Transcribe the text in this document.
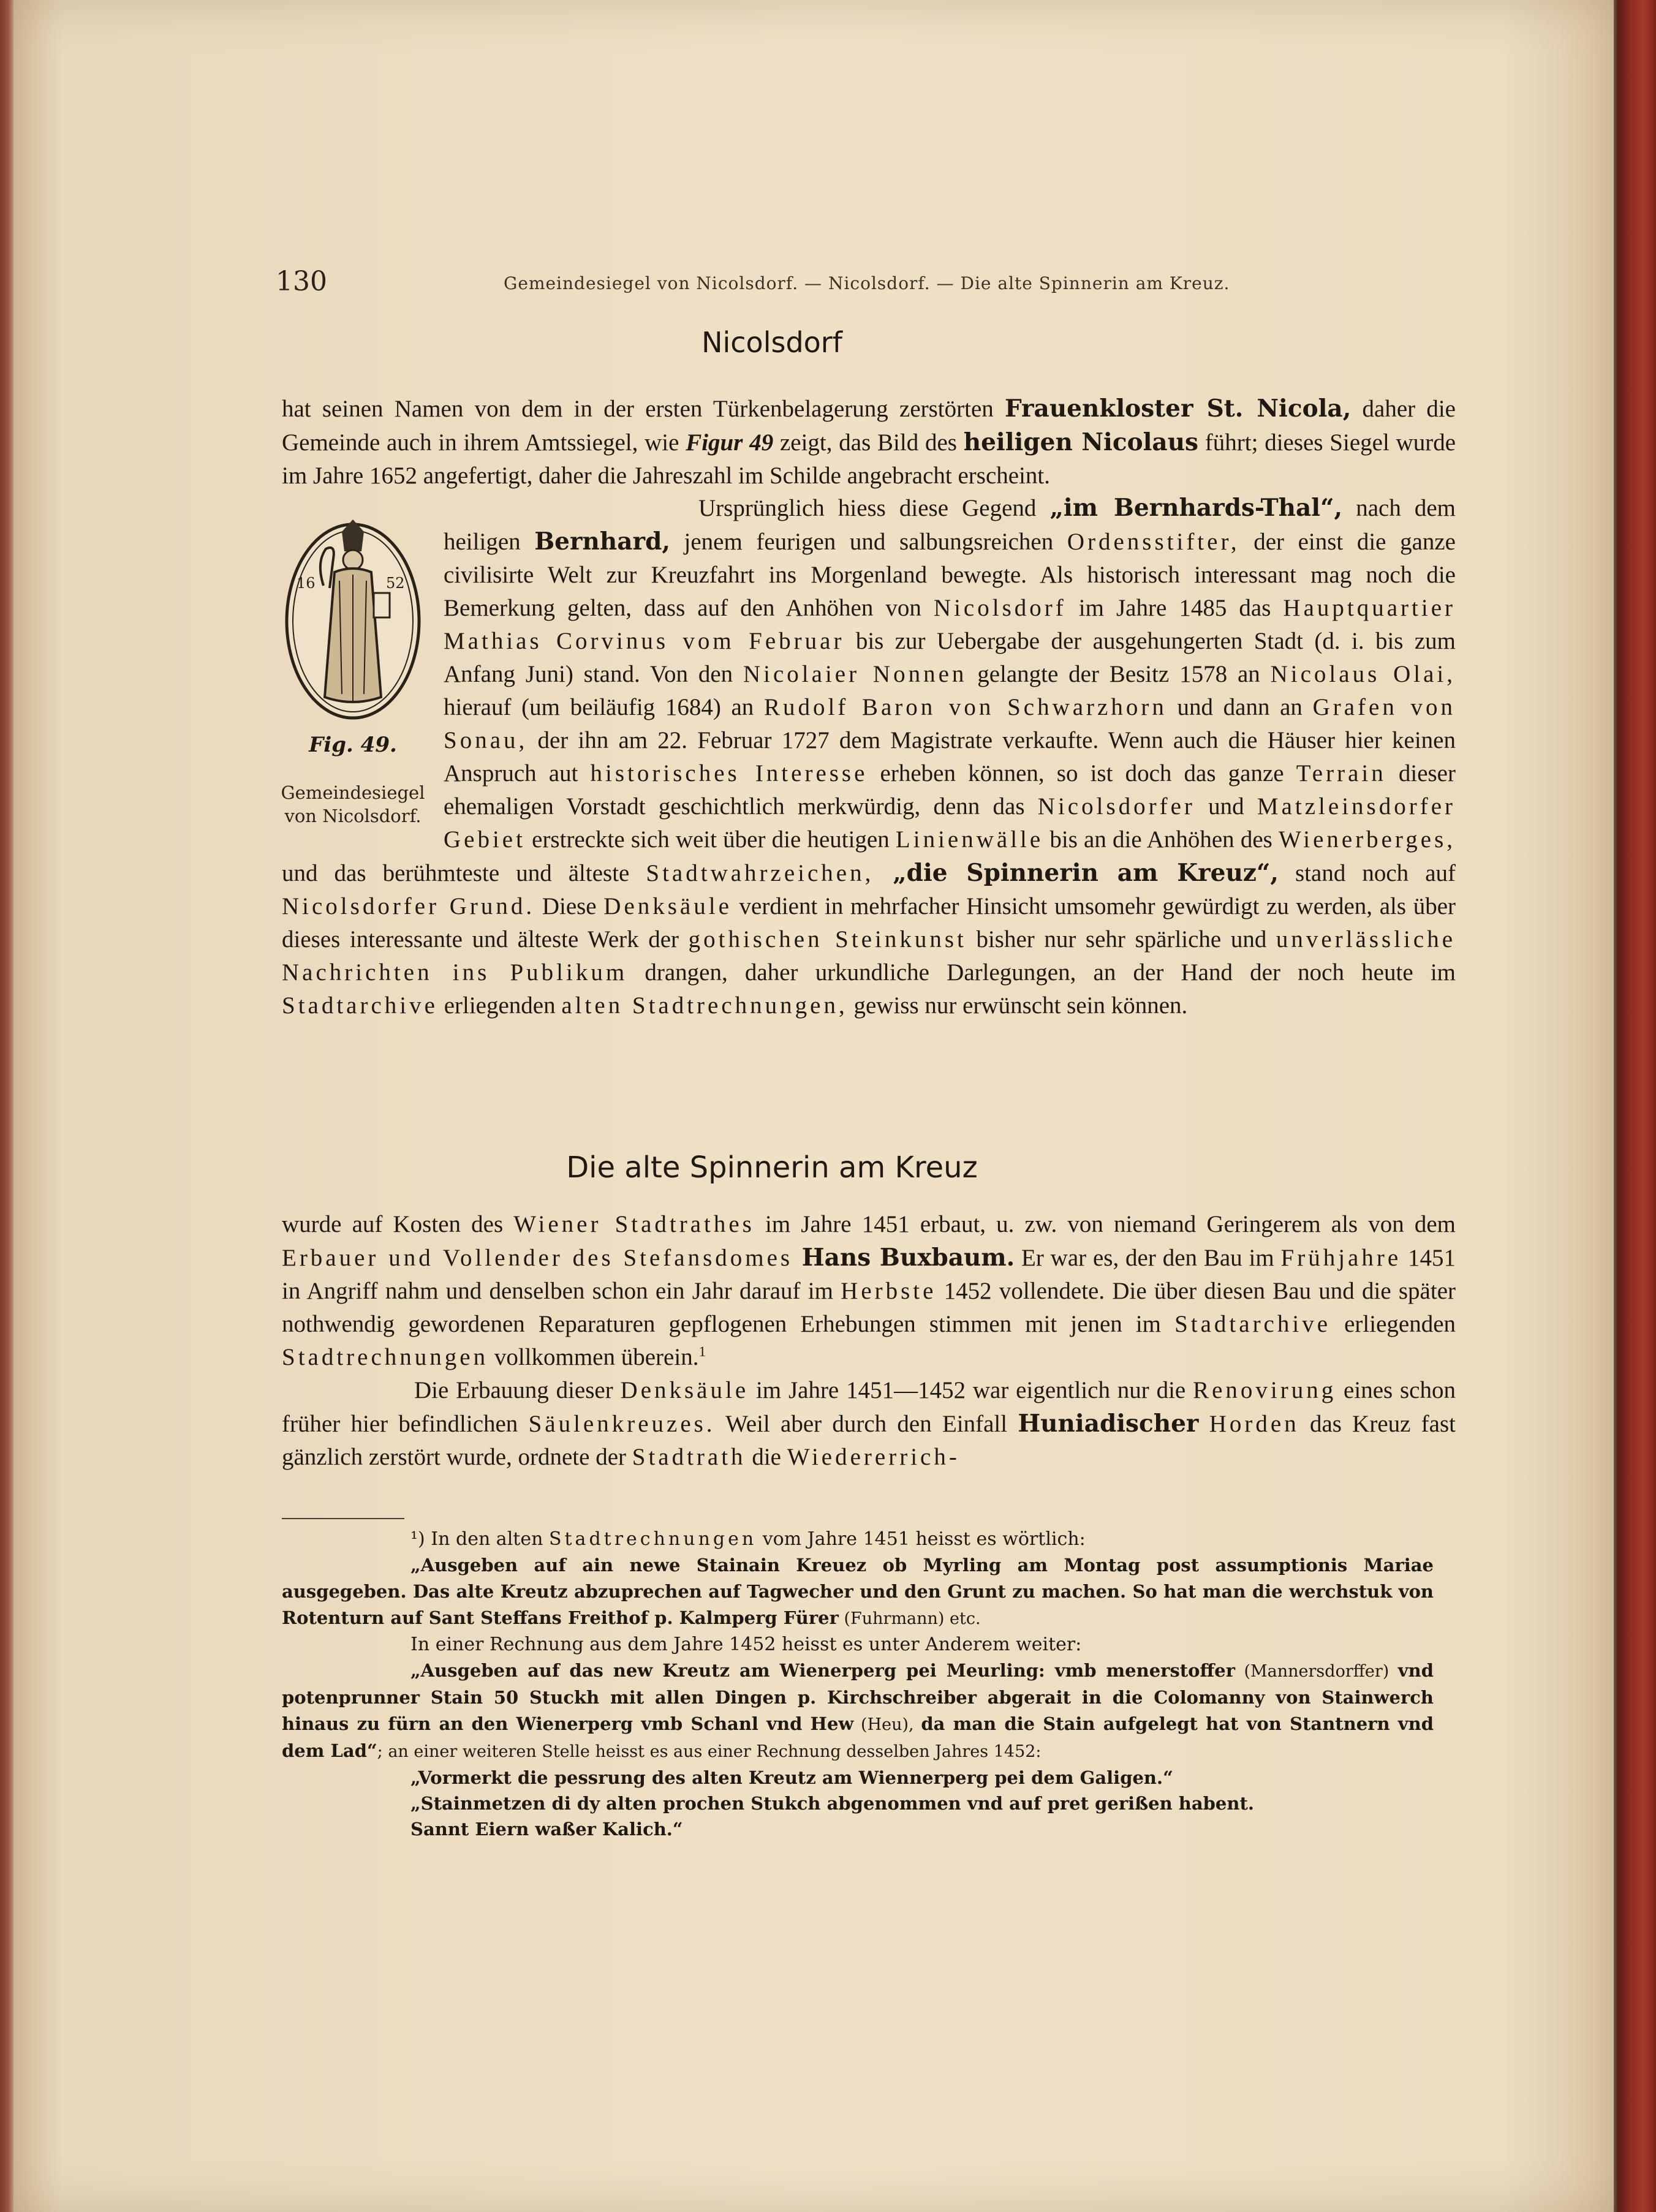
130	Gemeindesiegel von Nicolsdorf. — Nicolsdorf. — Die alte Spinnerin am Kreuz.
Nicolsdorf

hat seinen Namen von dem in der ersten Türkenbelagerung zerstörten Frauenkloster St. Nicola, daher die Gemeinde auch in ihrem Amtssiegel, wie Figur 49 zeigt, das Bild des heiligen Nicolaus führt; dieses Siegel wurde im Jahre 1652 angefertigt, daher die Jahreszahl im Schilde angebracht erscheint.

16	52
Fig. 49.
Gemeindesiegel
von Nicolsdorf.

Ursprünglich hiess diese Gegend „im Bernhards-Thal“, nach dem heiligen Bernhard, jenem feurigen und salbungsreichen Ordensstifter, der einst die ganze civilisirte Welt zur Kreuzfahrt ins Morgenland bewegte. Als historisch interessant mag noch die Bemerkung gelten, dass auf den Anhöhen von Nicolsdorf im Jahre 1485 das Hauptquartier Mathias Corvinus vom Februar bis zur Uebergabe der ausgehungerten Stadt (d. i. bis zum Anfang Juni) stand. Von den Nicolaier Nonnen gelangte der Besitz 1578 an Nicolaus Olai, hierauf (um beiläufig 1684) an Rudolf Baron von Schwarzhorn und dann an Grafen von Sonau, der ihn am 22. Februar 1727 dem Magistrate verkaufte. Wenn auch die Häuser hier keinen Anspruch aut historisches Interesse erheben können, so ist doch das ganze Terrain dieser ehemaligen Vorstadt geschichtlich merkwürdig, denn das Nicolsdorfer und Matzleinsdorfer Gebiet erstreckte sich weit über die heutigen Linienwälle bis an die Anhöhen des Wienerberges, und das berühmteste und älteste Stadtwahrzeichen, „die Spinnerin am Kreuz“, stand noch auf Nicolsdorfer Grund. Diese Denksäule verdient in mehrfacher Hinsicht umsomehr gewürdigt zu werden, als über dieses interessante und älteste Werk der gothischen Steinkunst bisher nur sehr spärliche und unverlässliche Nachrichten ins Publikum drangen, daher urkundliche Darlegungen, an der Hand der noch heute im Stadtarchive erliegenden alten Stadtrechnungen, gewiss nur erwünscht sein können.

Die alte Spinnerin am Kreuz

wurde auf Kosten des Wiener Stadtrathes im Jahre 1451 erbaut, u. zw. von niemand Geringerem als von dem Erbauer und Vollender des Stefansdomes Hans Buxbaum. Er war es, der den Bau im Frühjahre 1451 in Angriff nahm und denselben schon ein Jahr darauf im Herbste 1452 vollendete. Die über diesen Bau und die später nothwendig gewordenen Reparaturen gepflogenen Erhebungen stimmen mit jenen im Stadtarchive erliegenden Stadtrechnungen vollkommen überein.$^1$

Die Erbauung dieser Denksäule im Jahre 1451—1452 war eigentlich nur die Renovirung eines schon früher hier befindlichen Säulenkreuzes. Weil aber durch den Einfall Huniadischer Horden das Kreuz fast gänzlich zerstört wurde, ordnete der Stadtrath die Wiedererrich-

¹) In den alten Stadtrechnungen vom Jahre 1451 heisst es wörtlich:

„Ausgeben auf ain newe Stainain Kreuez ob Myrling am Montag post assumptionis Mariae ausgegeben. Das alte Kreutz abzuprechen auf Tagwecher und den Grunt zu machen. So hat man die werchstuk von Rotenturn auf Sant Steffans Freithof p. Kalmperg Fürer (Fuhrmann) etc.

In einer Rechnung aus dem Jahre 1452 heisst es unter Anderem weiter:

„Ausgeben auf das new Kreutz am Wienerperg pei Meurling: vmb menerstoffer (Mannersdorffer) vnd potenprunner Stain 50 Stuckh mit allen Dingen p. Kirchschreiber abgerait in die Colomanny von Stainwerch hinaus zu fürn an den Wienerperg vmb Schanl vnd Hew (Heu), da man die Stain aufgelegt hat von Stantnern vnd dem Lad“; an einer weiteren Stelle heisst es aus einer Rechnung desselben Jahres 1452:

„Vormerkt die pessrung des alten Kreutz am Wiennerperg pei dem Galigen.“

„Stainmetzen di dy alten prochen Stukch abgenommen vnd auf pret gerißen habent.

Sannt Eiern waßer Kalich.“
